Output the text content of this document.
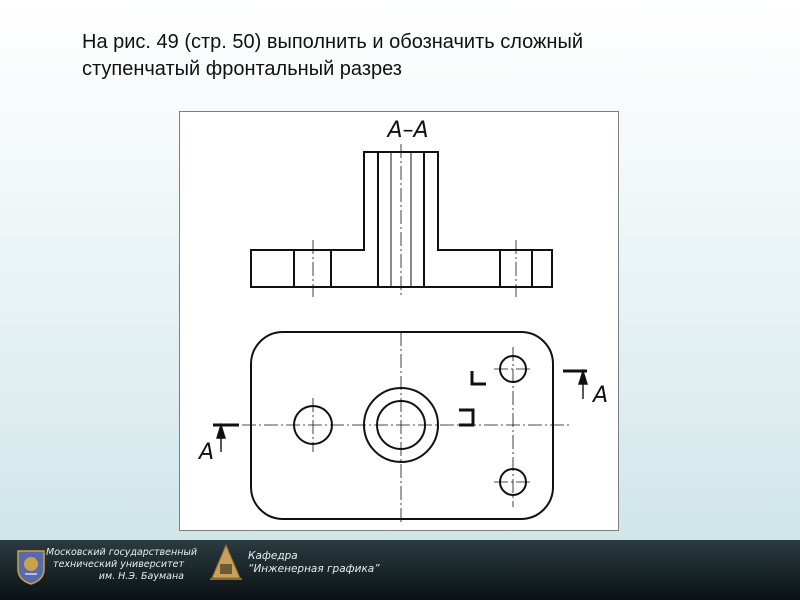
На рис. 49 (стр. 50) выполнить и обозначить сложный
ступенчатый фронтальный разрез
А–А
А
А
Московский государственный
технический университет
им. Н.Э. Баумана
Кафедра
“Инженерная графика”
